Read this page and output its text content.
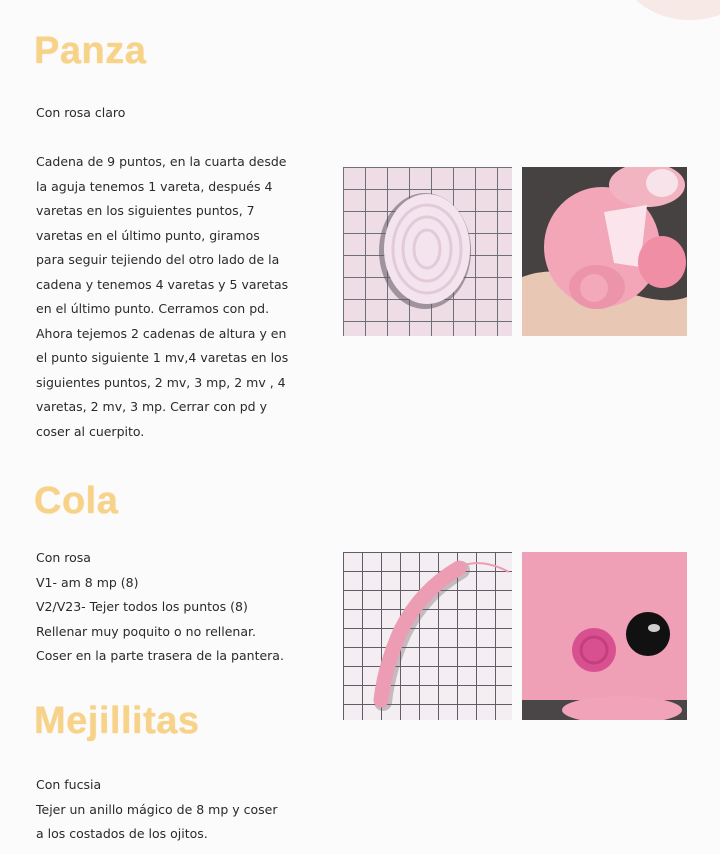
Panza

Con rosa claro

Cadena de 9 puntos, en la cuarta desde
la aguja tenemos 1 vareta, después 4
varetas en los siguientes puntos, 7
varetas en el último punto, giramos
para seguir tejiendo del otro lado de la
cadena y tenemos 4 varetas y 5 varetas
en el último punto. Cerramos con pd.
Ahora tejemos 2 cadenas de altura y en
el punto siguiente 1 mv,4 varetas en los
siguientes puntos, 2 mv, 3 mp, 2 mv , 4
varetas, 2 mv, 3 mp. Cerrar con pd y
coser al cuerpito.
Cola
Con rosa
V1- am 8 mp (8)
V2/V23- Tejer todos los puntos (8)
Rellenar muy poquito o no rellenar.
Coser en la parte trasera de la pantera.
Mejillitas
Con fucsia
Tejer un anillo mágico de 8 mp y coser
a los costados de los ojitos.
